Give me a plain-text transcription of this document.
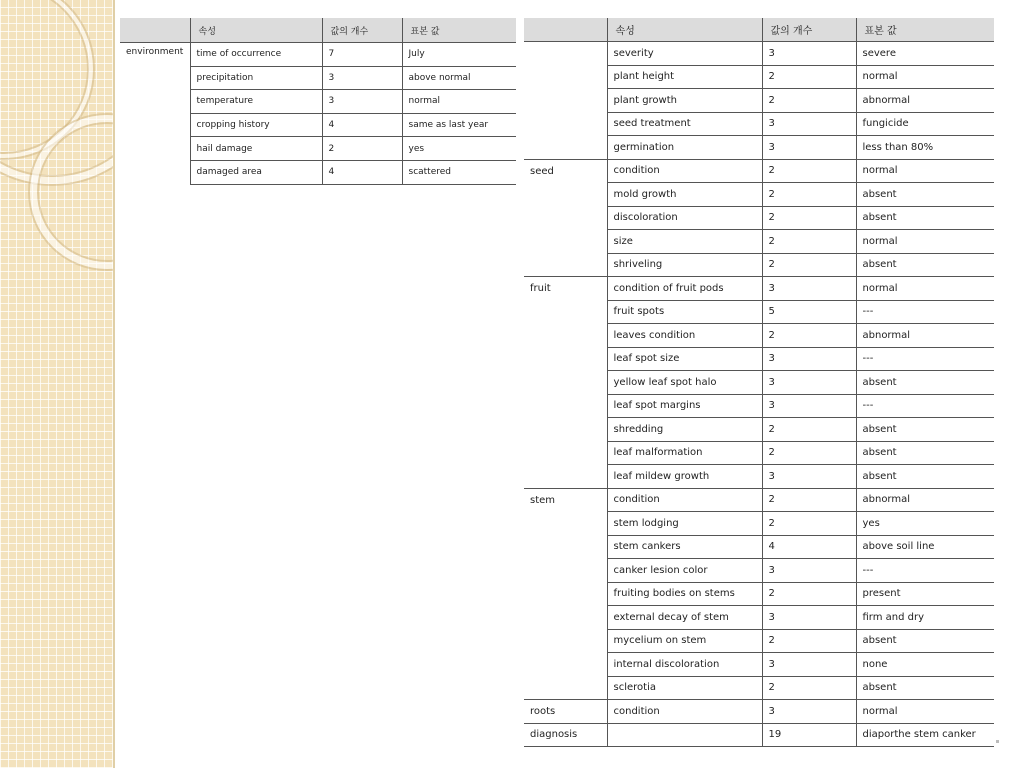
	속성	값의 개수	표본 값
environment	time of occurrence	7	July
	precipitation	3	above normal
	temperature	3	normal
	cropping history	4	same as last year
	hail damage	2	yes
	damaged area	4	scattered
	속성	값의 개수	표본 값
	severity	3	severe
	plant height	2	normal
	plant growth	2	abnormal
	seed treatment	3	fungicide
	germination	3	less than 80%
seed	condition	2	normal
	mold growth	2	absent
	discoloration	2	absent
	size	2	normal
	shriveling	2	absent
fruit	condition of fruit pods	3	normal
	fruit spots	5	---
	leaves condition	2	abnormal
	leaf spot size	3	---
	yellow leaf spot halo	3	absent
	leaf spot margins	3	---
	shredding	2	absent
	leaf malformation	2	absent
	leaf mildew growth	3	absent
stem	condition	2	abnormal
	stem lodging	2	yes
	stem cankers	4	above soil line
	canker lesion color	3	---
	fruiting bodies on stems	2	present
	external decay of stem	3	firm and dry
	mycelium on stem	2	absent
	internal discoloration	3	none
	sclerotia	2	absent
roots	condition	3	normal
diagnosis		19	diaporthe stem canker
